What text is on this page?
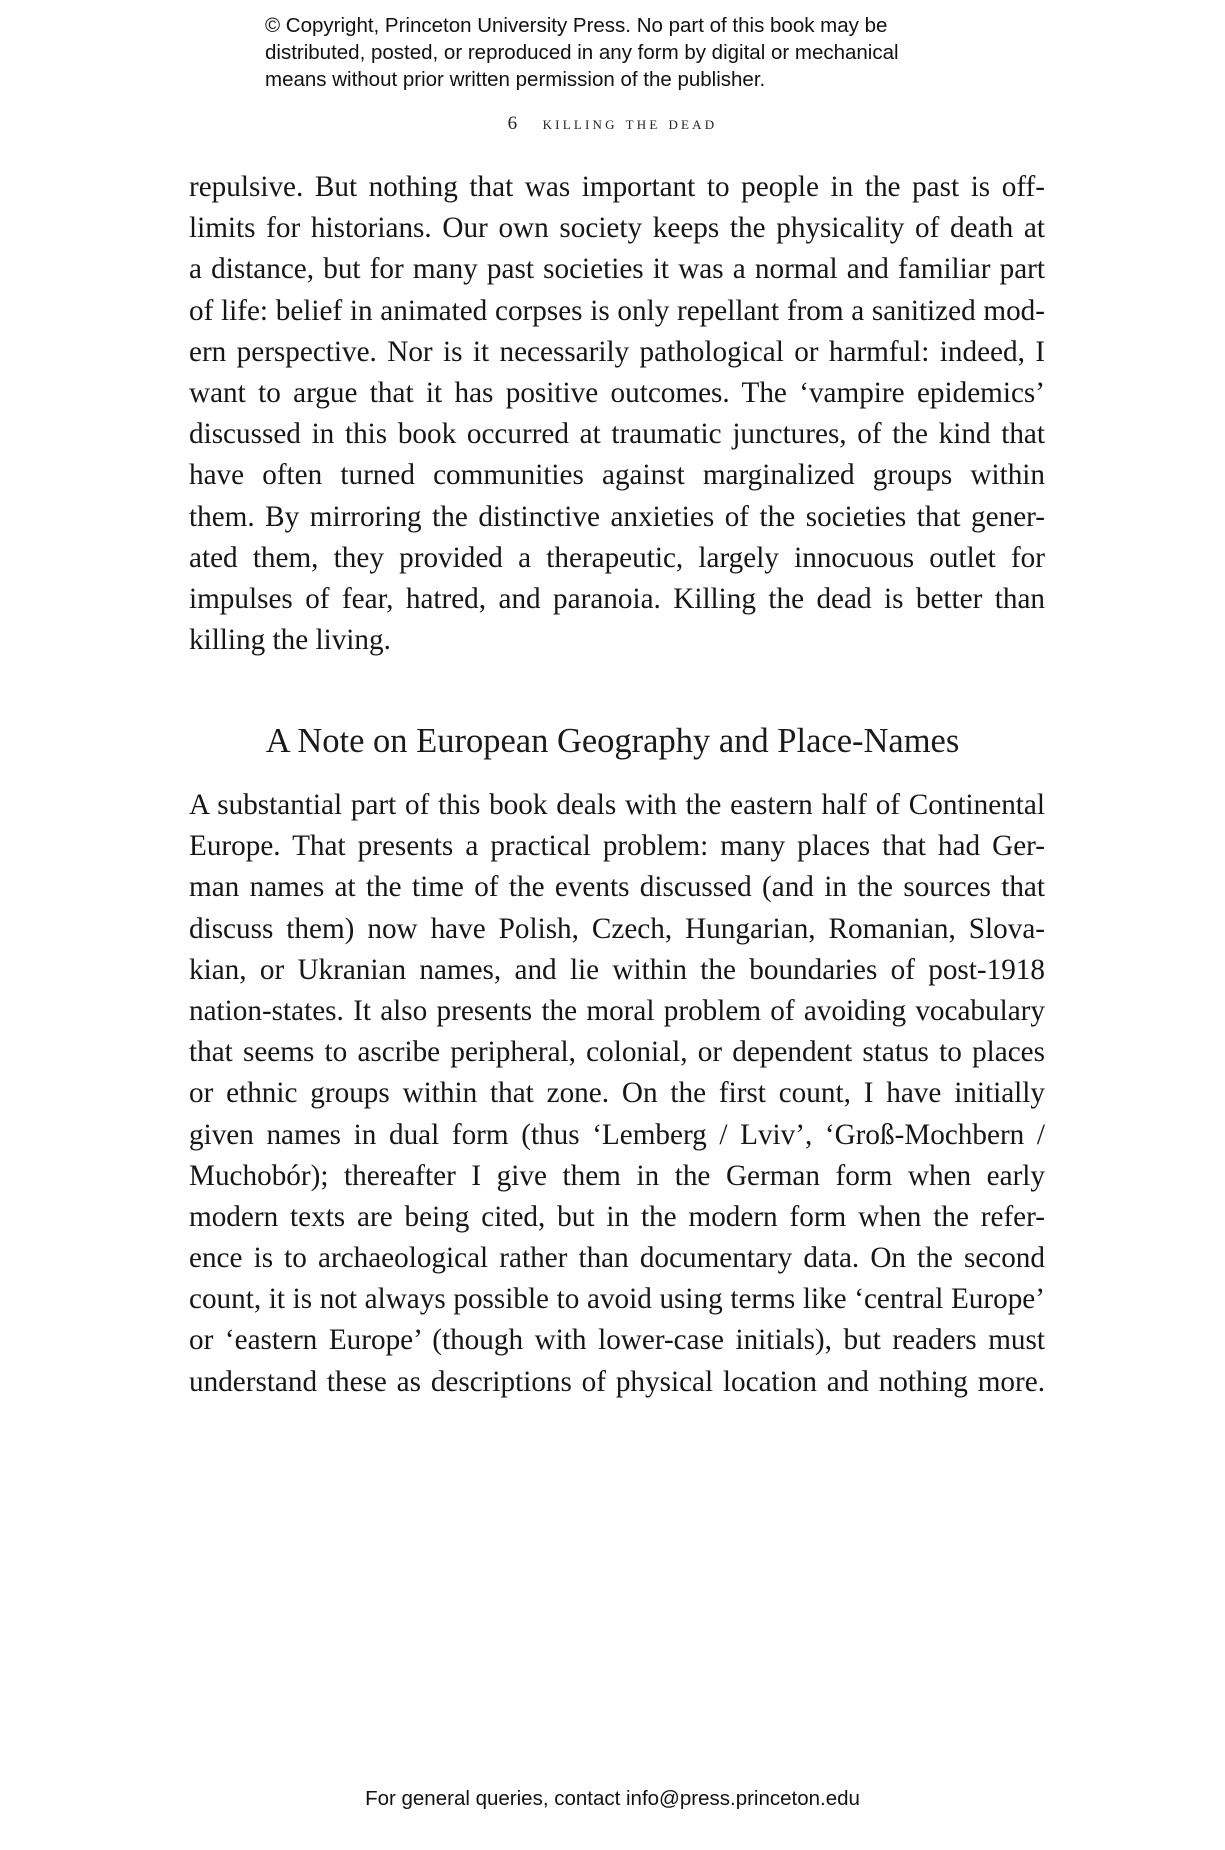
© Copyright, Princeton University Press. No part of this book may be
distributed, posted, or reproduced in any form by digital or mechanical
means without prior written permission of the publisher.
6 killing the dead
repulsive. But nothing that was important to people in the past is off-
limits for historians. Our own society keeps the physicality of death at
a distance, but for many past societies it was a normal and familiar part
of life: belief in animated corpses is only repellant from a sanitized mod-
ern perspective. Nor is it necessarily pathological or harmful: indeed, I
want to argue that it has positive outcomes. The ‘vampire epidemics’
discussed in this book occurred at traumatic junctures, of the kind that
have often turned communities against marginalized groups within
them. By mirroring the distinctive anxieties of the societies that gener-
ated them, they provided a therapeutic, largely innocuous outlet for
impulses of fear, hatred, and paranoia. Killing the dead is better than
killing the living.
A Note on European Geography and Place-Names
A substantial part of this book deals with the eastern half of Continental
Europe. That presents a practical problem: many places that had Ger-
man names at the time of the events discussed (and in the sources that
discuss them) now have Polish, Czech, Hungarian, Romanian, Slova-
kian, or Ukranian names, and lie within the boundaries of post-1918
nation-states. It also presents the moral problem of avoiding vocabulary
that seems to ascribe peripheral, colonial, or dependent status to places
or ethnic groups within that zone. On the first count, I have initially
given names in dual form (thus ‘Lemberg / Lviv’, ‘Groß-Mochbern /
Muchobór); thereafter I give them in the German form when early
modern texts are being cited, but in the modern form when the refer-
ence is to archaeological rather than documentary data. On the second
count, it is not always possible to avoid using terms like ‘central Europe’
or ‘eastern Europe’ (though with lower-case initials), but readers must
understand these as descriptions of physical location and nothing more.
For general queries, contact info@press.princeton.edu
